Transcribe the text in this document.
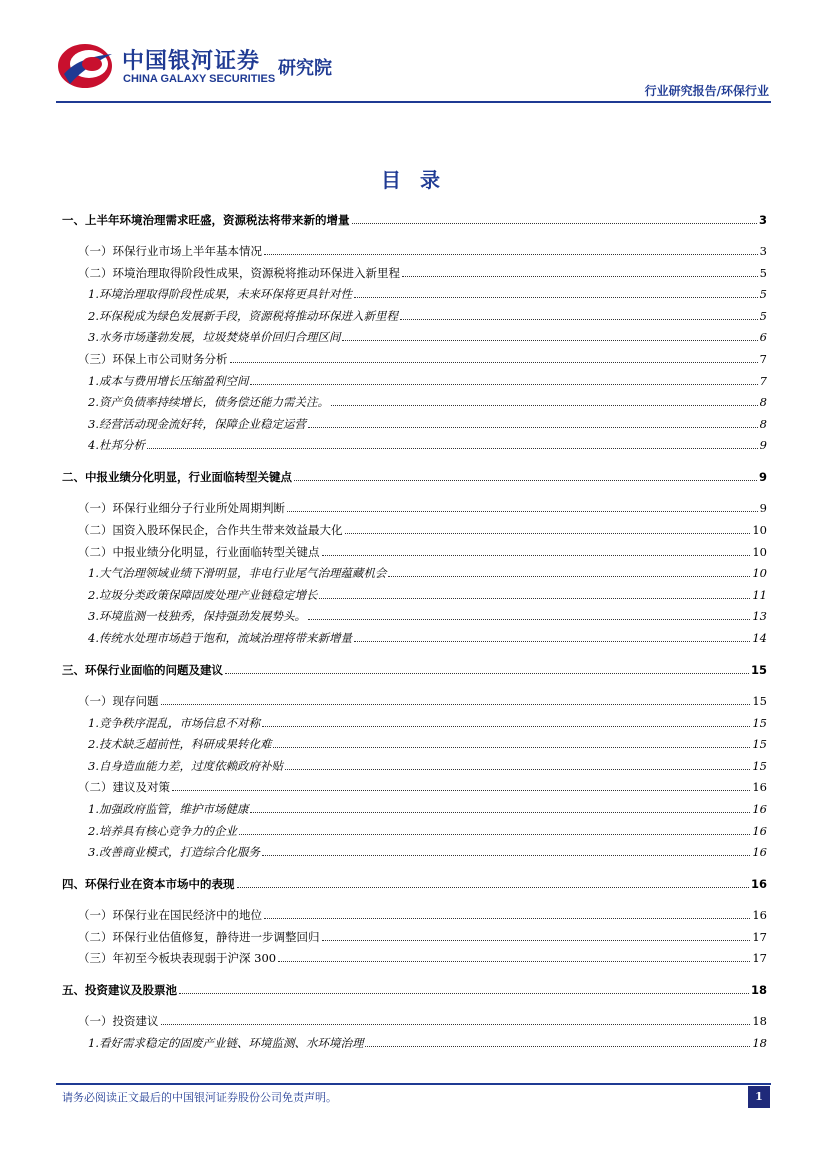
中国银河证券
CHINA GALAXY SECURITIES 研究院
行业研究报告/环保行业
目 录
一、上半年环境治理需求旺盛，资源税法将带来新的增量	3
（一）环保行业市场上半年基本情况	3
（二）环境治理取得阶段性成果，资源税将推动环保进入新里程	5
1.环境治理取得阶段性成果，未来环保将更具针对性	5
2.环保税成为绿色发展新手段，资源税将推动环保进入新里程	5
3.水务市场蓬勃发展，垃圾焚烧单价回归合理区间	6
（三）环保上市公司财务分析	7
1.成本与费用增长压缩盈利空间	7
2.资产负债率持续增长，债务偿还能力需关注。	8
3.经营活动现金流好转，保障企业稳定运营	8
4.杜邦分析	9
二、中报业绩分化明显，行业面临转型关键点	9
（一）环保行业细分子行业所处周期判断	9
（二）国资入股环保民企，合作共生带来效益最大化	10
（二）中报业绩分化明显，行业面临转型关键点	10
1.大气治理领域业绩下滑明显，非电行业尾气治理蕴藏机会	10
2.垃圾分类政策保障固废处理产业链稳定增长	11
3.环境监测一枝独秀，保持强劲发展势头。	13
4.传统水处理市场趋于饱和，流域治理将带来新增量	14
三、环保行业面临的问题及建议	15
（一）现存问题	15
1.竞争秩序混乱，市场信息不对称	15
2.技术缺乏超前性，科研成果转化难	15
3.自身造血能力差，过度依赖政府补贴	15
（二）建议及对策	16
1.加强政府监管，维护市场健康	16
2.培养具有核心竞争力的企业	16
3.改善商业模式，打造综合化服务	16
四、环保行业在资本市场中的表现	16
（一）环保行业在国民经济中的地位	16
（二）环保行业估值修复，静待进一步调整回归	17
（三）年初至今板块表现弱于沪深 300	17
五、投资建议及股票池	18
（一）投资建议	18
1.看好需求稳定的固废产业链、环境监测、水环境治理	18
请务必阅读正文最后的中国银河证券股份公司免责声明。	1
